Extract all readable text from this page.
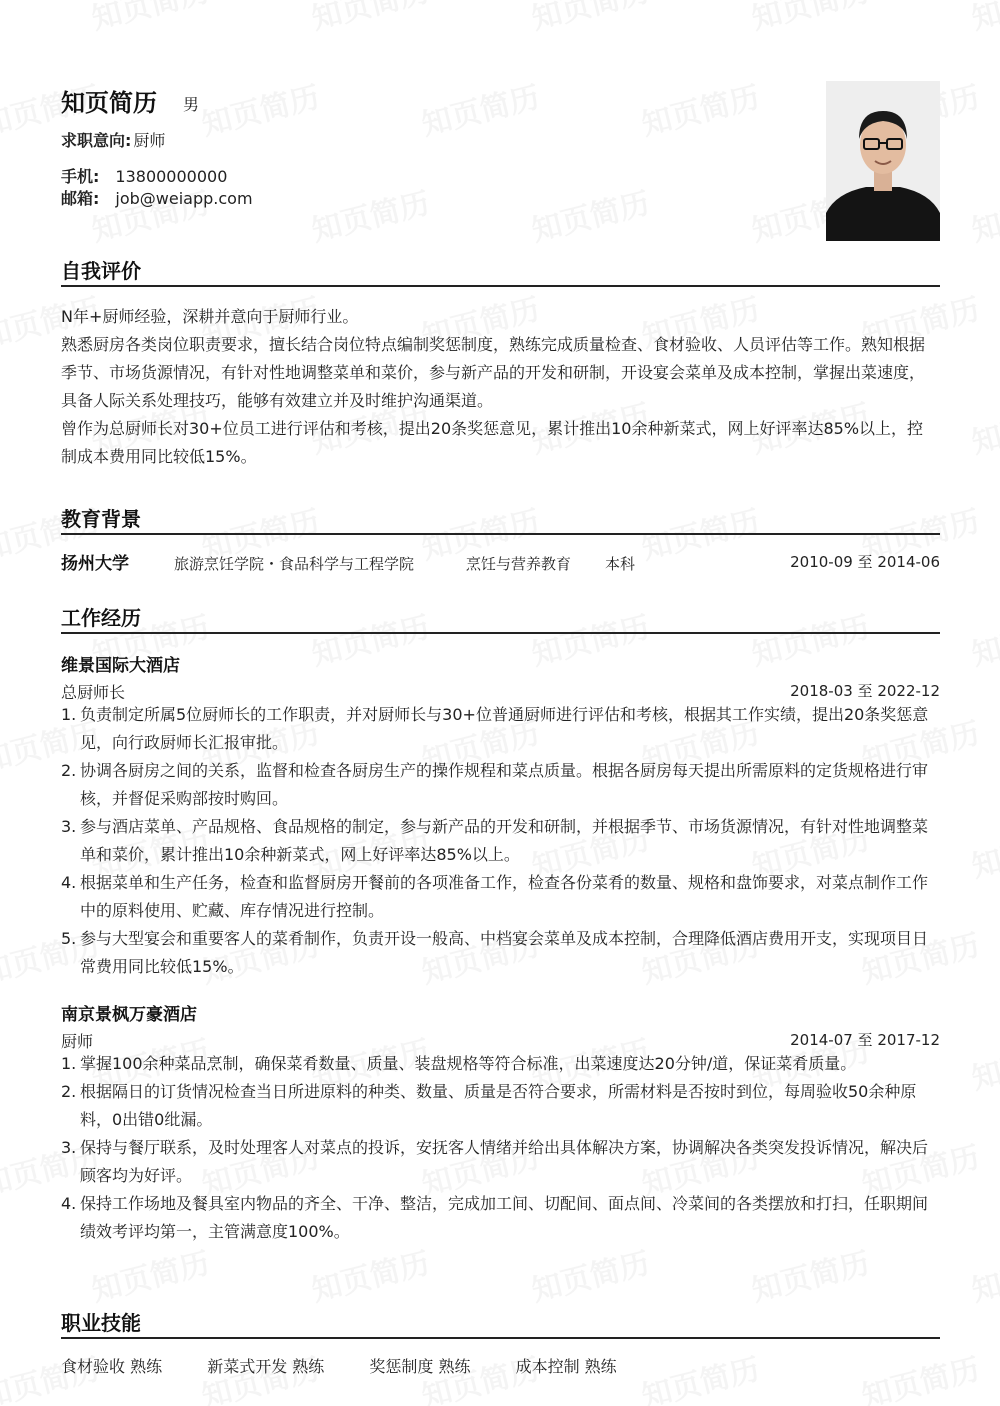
知页简历 男
求职意向: 厨师
手机: 13800000000
邮箱: job@weiapp.com
自我评价

N年+厨师经验，深耕并意向于厨师行业。

熟悉厨房各类岗位职责要求，擅长结合岗位特点编制奖惩制度，熟练完成质量检查、食材验收、人员评估等工作。熟知根据季节、市场货源情况，有针对性地调整菜单和菜价，参与新产品的开发和研制，开设宴会菜单及成本控制，掌握出菜速度，具备人际关系处理技巧，能够有效建立并及时维护沟通渠道。

曾作为总厨师长对30+位员工进行评估和考核，提出20条奖惩意见，累计推出10余种新菜式，网上好评率达85%以上，控制成本费用同比较低15%。

教育背景
扬州大学	旅游烹饪学院・食品科学与工程学院	烹饪与营养教育 本科	2010-09 至 2014-06
工作经历
维景国际大酒店
总厨师长	2018-03 至 2022-12
1. 负责制定所属5位厨师长的工作职责，并对厨师长与30+位普通厨师进行评估和考核，根据其工作实绩，提出20条奖惩意见，向行政厨师长汇报审批。
2. 协调各厨房之间的关系，监督和检查各厨房生产的操作规程和菜点质量。根据各厨房每天提出所需原料的定货规格进行审核，并督促采购部按时购回。
3. 参与酒店菜单、产品规格、食品规格的制定，参与新产品的开发和研制，并根据季节、市场货源情况，有针对性地调整菜单和菜价，累计推出10余种新菜式，网上好评率达85%以上。
4. 根据菜单和生产任务，检查和监督厨房开餐前的各项准备工作，检查各份菜肴的数量、规格和盘饰要求，对菜点制作工作中的原料使用、贮藏、库存情况进行控制。
5. 参与大型宴会和重要客人的菜肴制作，负责开设一般高、中档宴会菜单及成本控制，合理降低酒店费用开支，实现项目日常费用同比较低15%。
南京景枫万豪酒店
厨师	2014-07 至 2017-12
1. 掌握100余种菜品烹制，确保菜肴数量、质量、装盘规格等符合标准，出菜速度达20分钟/道，保证菜肴质量。
2. 根据隔日的订货情况检查当日所进原料的种类、数量、质量是否符合要求，所需材料是否按时到位，每周验收50余种原料，0出错0纰漏。
3. 保持与餐厅联系，及时处理客人对菜点的投诉，安抚客人情绪并给出具体解决方案，协调解决各类突发投诉情况，解决后顾客均为好评。
4. 保持工作场地及餐具室内物品的齐全、干净、整洁，完成加工间、切配间、面点间、冷菜间的各类摆放和打扫，任职期间绩效考评均第一，主管满意度100%。
职业技能
食材验收 熟练	新菜式开发 熟练	奖惩制度 熟练	成本控制 熟练
